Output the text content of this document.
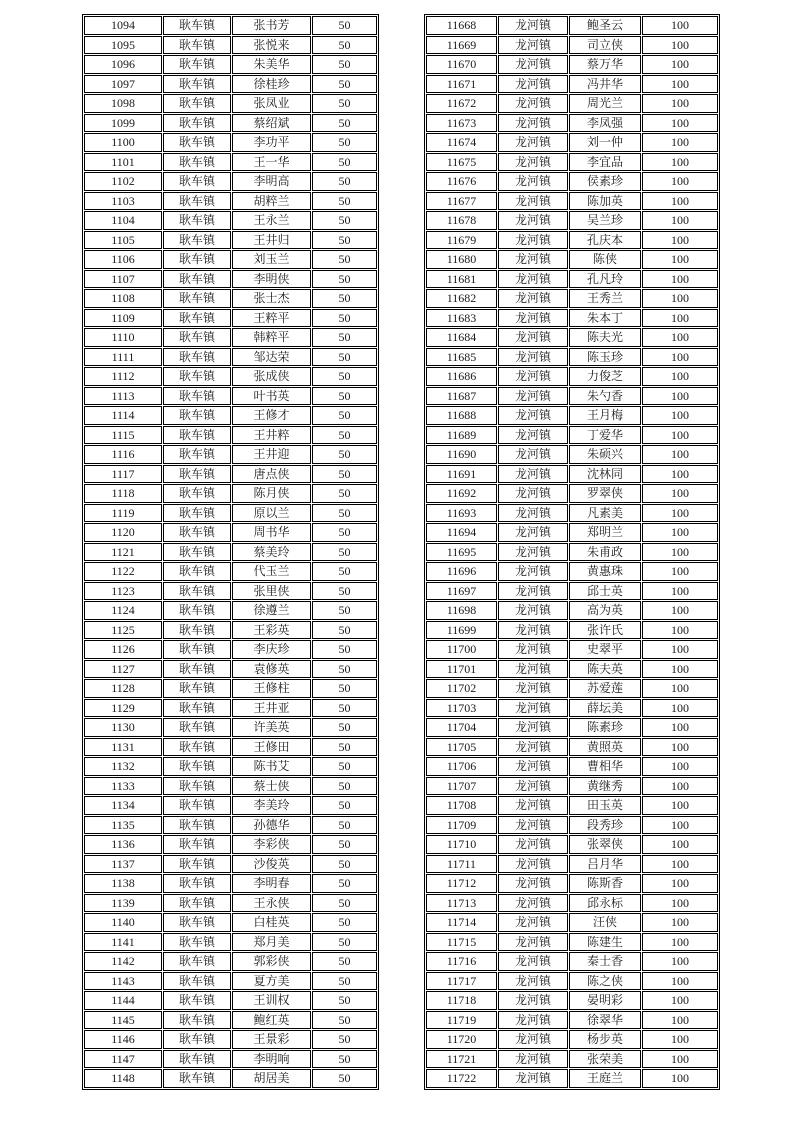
1094	耿车镇	张书芳	50
1095	耿车镇	张悦来	50
1096	耿车镇	朱美华	50
1097	耿车镇	徐桂珍	50
1098	耿车镇	张凤业	50
1099	耿车镇	蔡绍斌	50
1100	耿车镇	李功平	50
1101	耿车镇	王一华	50
1102	耿车镇	李明高	50
1103	耿车镇	胡粹兰	50
1104	耿车镇	王永兰	50
1105	耿车镇	王井归	50
1106	耿车镇	刘玉兰	50
1107	耿车镇	李明侠	50
1108	耿车镇	张士杰	50
1109	耿车镇	王粹平	50
1110	耿车镇	韩粹平	50
1111	耿车镇	邹达荣	50
1112	耿车镇	张成侠	50
1113	耿车镇	叶书英	50
1114	耿车镇	王修才	50
1115	耿车镇	王井粹	50
1116	耿车镇	王井迎	50
1117	耿车镇	唐点侠	50
1118	耿车镇	陈月侠	50
1119	耿车镇	原以兰	50
1120	耿车镇	周书华	50
1121	耿车镇	蔡美玲	50
1122	耿车镇	代玉兰	50
1123	耿车镇	张里侠	50
1124	耿车镇	徐遵兰	50
1125	耿车镇	王彩英	50
1126	耿车镇	李庆珍	50
1127	耿车镇	袁修英	50
1128	耿车镇	王修柱	50
1129	耿车镇	王井亚	50
1130	耿车镇	许美英	50
1131	耿车镇	王修田	50
1132	耿车镇	陈书艾	50
1133	耿车镇	蔡士侠	50
1134	耿车镇	李美玲	50
1135	耿车镇	孙德华	50
1136	耿车镇	李彩侠	50
1137	耿车镇	沙俊英	50
1138	耿车镇	李明春	50
1139	耿车镇	王永侠	50
1140	耿车镇	白桂英	50
1141	耿车镇	郑月美	50
1142	耿车镇	郭彩侠	50
1143	耿车镇	夏方美	50
1144	耿车镇	王训权	50
1145	耿车镇	鲍红英	50
1146	耿车镇	王景彩	50
1147	耿车镇	李明响	50
1148	耿车镇	胡居美	50
11668	龙河镇	鲍圣云	100
11669	龙河镇	司立侠	100
11670	龙河镇	蔡万华	100
11671	龙河镇	冯井华	100
11672	龙河镇	周光兰	100
11673	龙河镇	李凤强	100
11674	龙河镇	刘一仲	100
11675	龙河镇	李宜品	100
11676	龙河镇	侯素珍	100
11677	龙河镇	陈加英	100
11678	龙河镇	吴兰珍	100
11679	龙河镇	孔庆本	100
11680	龙河镇	陈侠	100
11681	龙河镇	孔凡玲	100
11682	龙河镇	王秀兰	100
11683	龙河镇	朱本丁	100
11684	龙河镇	陈夫光	100
11685	龙河镇	陈玉珍	100
11686	龙河镇	力俊芝	100
11687	龙河镇	朱勺香	100
11688	龙河镇	王月梅	100
11689	龙河镇	丁爱华	100
11690	龙河镇	朱硕兴	100
11691	龙河镇	沈林同	100
11692	龙河镇	罗翠侠	100
11693	龙河镇	凡素美	100
11694	龙河镇	郑明兰	100
11695	龙河镇	朱甫政	100
11696	龙河镇	黄惠珠	100
11697	龙河镇	邱士英	100
11698	龙河镇	高为英	100
11699	龙河镇	张许氏	100
11700	龙河镇	史翠平	100
11701	龙河镇	陈夫英	100
11702	龙河镇	苏爱莲	100
11703	龙河镇	薛坛美	100
11704	龙河镇	陈素珍	100
11705	龙河镇	黄照英	100
11706	龙河镇	曹相华	100
11707	龙河镇	黄继秀	100
11708	龙河镇	田玉英	100
11709	龙河镇	段秀珍	100
11710	龙河镇	张翠侠	100
11711	龙河镇	吕月华	100
11712	龙河镇	陈斯香	100
11713	龙河镇	邱永标	100
11714	龙河镇	汪侠	100
11715	龙河镇	陈建生	100
11716	龙河镇	秦士香	100
11717	龙河镇	陈之侠	100
11718	龙河镇	晏明彩	100
11719	龙河镇	徐翠华	100
11720	龙河镇	杨步英	100
11721	龙河镇	张荣美	100
11722	龙河镇	王庭兰	100
